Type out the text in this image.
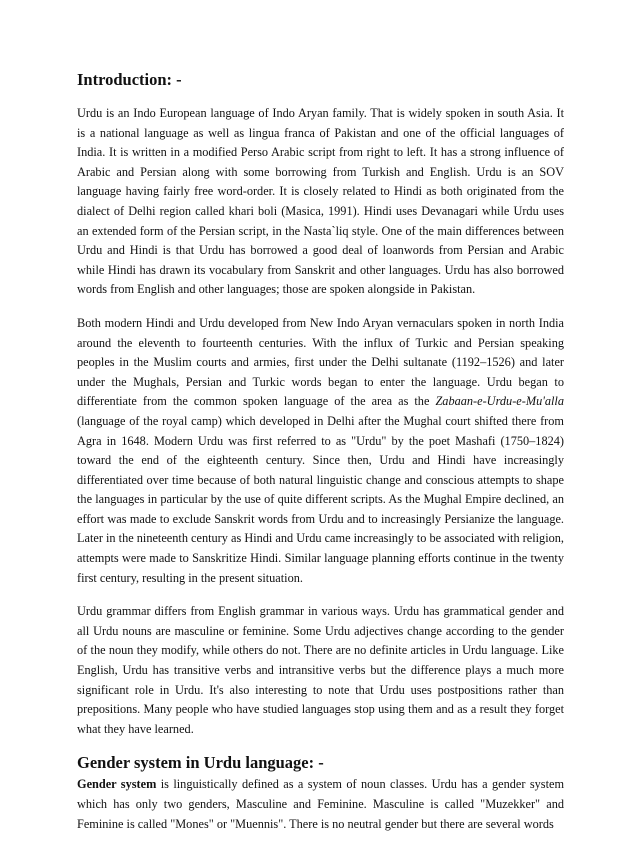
Introduction: -

Urdu is an Indo European language of Indo Aryan family. That is widely spoken in south Asia. It is a national language as well as lingua franca of Pakistan and one of the official languages of India. It is written in a modified Perso Arabic script from right to left. It has a strong influence of Arabic and Persian along with some borrowing from Turkish and English. Urdu is an SOV language having fairly free word-order. It is closely related to Hindi as both originated from the dialect of Delhi region called khari boli (Masica, 1991). Hindi uses Devanagari while Urdu uses an extended form of the Persian script, in the Nasta`liq style. One of the main differences between Urdu and Hindi is that Urdu has borrowed a good deal of loanwords from Persian and Arabic while Hindi has drawn its vocabulary from Sanskrit and other languages. Urdu has also borrowed words from English and other languages; those are spoken alongside in Pakistan.

Both modern Hindi and Urdu developed from New Indo Aryan vernaculars spoken in north India around the eleventh to fourteenth centuries. With the influx of Turkic and Persian speaking peoples in the Muslim courts and armies, first under the Delhi sultanate (1192–1526) and later under the Mughals, Persian and Turkic words began to enter the language. Urdu began to differentiate from the common spoken language of the area as the Zabaan-e-Urdu-e-Mu'alla (language of the royal camp) which developed in Delhi after the Mughal court shifted there from Agra in 1648. Modern Urdu was first referred to as "Urdu" by the poet Mashafi (1750–1824) toward the end of the eighteenth century. Since then, Urdu and Hindi have increasingly differentiated over time because of both natural linguistic change and conscious attempts to shape the languages in particular by the use of quite different scripts. As the Mughal Empire declined, an effort was made to exclude Sanskrit words from Urdu and to increasingly Persianize the language. Later in the nineteenth century as Hindi and Urdu came increasingly to be associated with religion, attempts were made to Sanskritize Hindi. Similar language planning efforts continue in the twenty first century, resulting in the present situation.

Urdu grammar differs from English grammar in various ways. Urdu has grammatical gender and all Urdu nouns are masculine or feminine. Some Urdu adjectives change according to the gender of the noun they modify, while others do not. There are no definite articles in Urdu language. Like English, Urdu has transitive verbs and intransitive verbs but the difference plays a much more significant role in Urdu. It's also interesting to note that Urdu uses postpositions rather than prepositions. Many people who have studied languages stop using them and as a result they forget what they have learned.

Gender system in Urdu language: -

Gender system is linguistically defined as a system of noun classes. Urdu has a gender system which has only two genders, Masculine and Feminine. Masculine is called "Muzekker" and Feminine is called "Mones" or "Muennis". There is no neutral gender but there are several words
